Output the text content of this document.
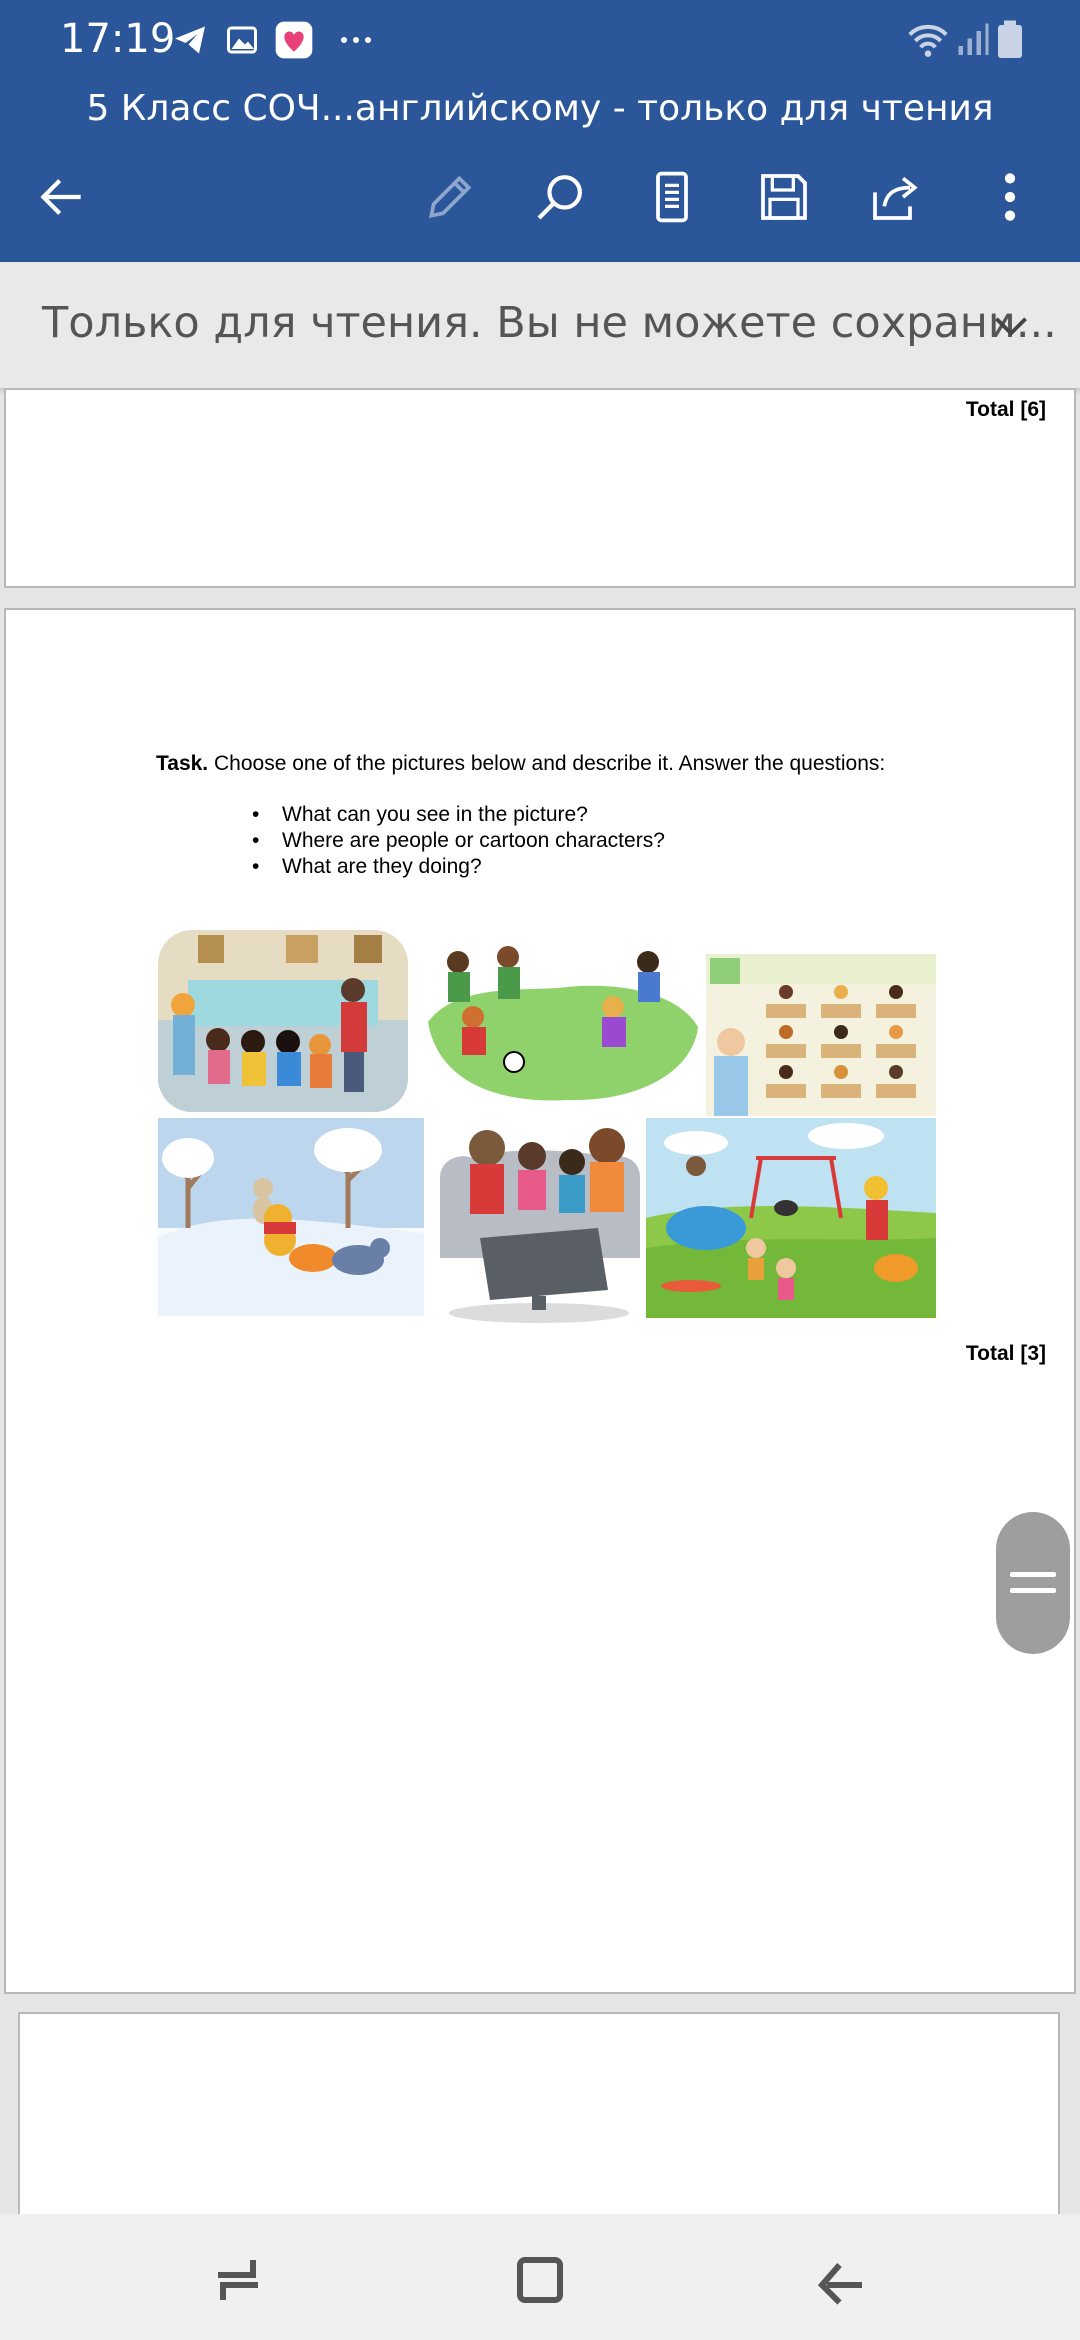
17:19
5 Класс СОЧ...английскому - только для чтения
Только для чтения. Вы не можете сохрани...
Total [6]
Task. Choose one of the pictures below and describe it. Answer the questions:
• What can you see in the picture?
• Where are people or cartoon characters?
• What are they doing?
Total [3]
